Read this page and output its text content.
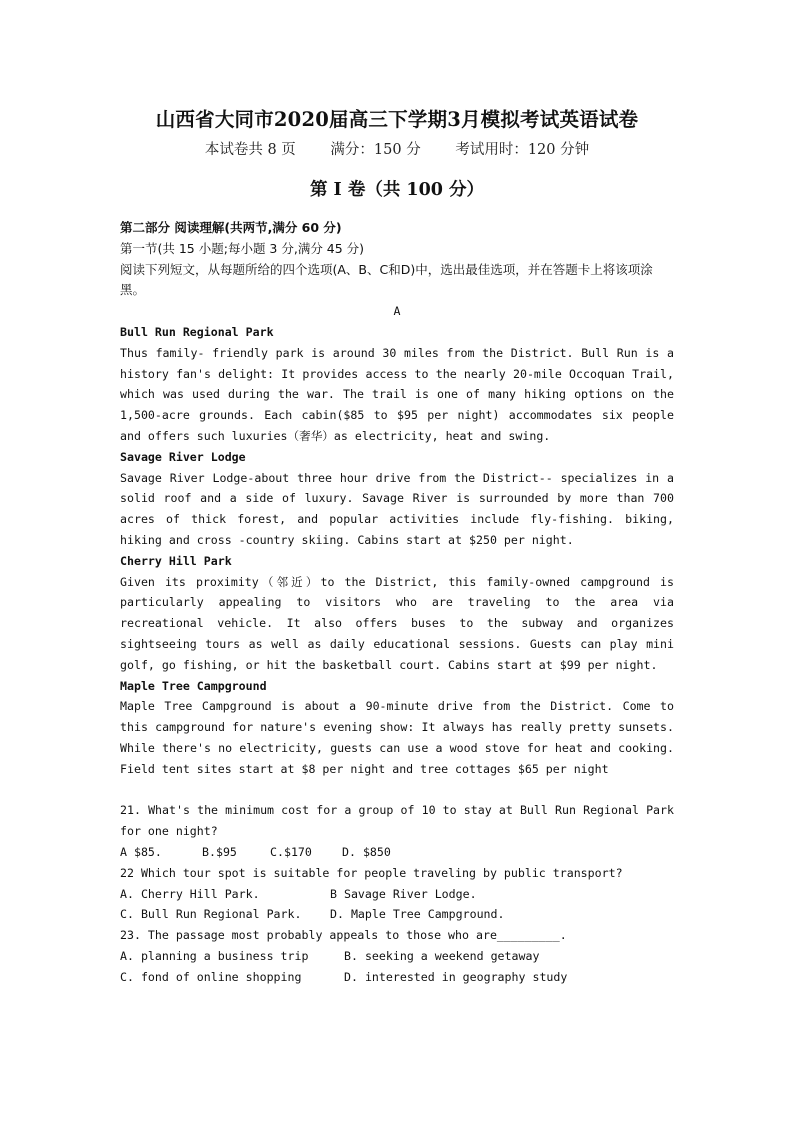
山西省大同市2020届高三下学期3月模拟考试英语试卷
本试卷共 8 页 满分：150 分 考试用时：120 分钟
第 I 卷（共 100 分）

第二部分 阅读理解(共两节,满分 60 分)

第一节(共 15 小题;每小题 3 分,满分 45 分)

阅读下列短文，从每题所给的四个选项(A、B、C和D)中，选出最佳选项，并在答题卡上将该项涂黑。

A

Bull Run Regional Park

Thus family- friendly park is around 30 miles from the District. Bull Run is a history fan's delight: It provides access to the nearly 20-mile Occoquan Trail, which was used during the war. The trail is one of many hiking options on the 1,500-acre grounds. Each cabin($85 to $95 per night) accommodates six people and offers such luxuries（奢华）as electricity, heat and swing.

Savage River Lodge

Savage River Lodge-about three hour drive from the District-- specializes in a solid roof and a side of luxury. Savage River is surrounded by more than 700 acres of thick forest, and popular activities include fly-fishing. biking, hiking and cross -country skiing. Cabins start at $250 per night.

Cherry Hill Park

Given its proximity（邻近）to the District, this family-owned campground is particularly appealing to visitors who are traveling to the area via recreational vehicle. It also offers buses to the subway and organizes sightseeing tours as well as daily educational sessions. Guests can play mini golf, go fishing, or hit the basketball court. Cabins start at $99 per night.

Maple Tree Campground

Maple Tree Campground is about a 90-minute drive from the District. Come to this campground for nature's evening show: It always has really pretty sunsets. While there's no electricity, guests can use a wood stove for heat and cooking. Field tent sites start at $8 per night and tree cottages $65 per night

21. What's the minimum cost for a group of 10 to stay at Bull Run Regional Park for one night?

A $85.	B.$95	C.$170	D. $850

22 Which tour spot is suitable for people traveling by public transport?

A. Cherry Hill Park.	B Savage River Lodge.

C. Bull Run Regional Park. D. Maple Tree Campground.

23. The passage most probably appeals to those who are_________.

A. planning a business trip	B. seeking a weekend getaway

C. fond of online shopping	D. interested in geography study
